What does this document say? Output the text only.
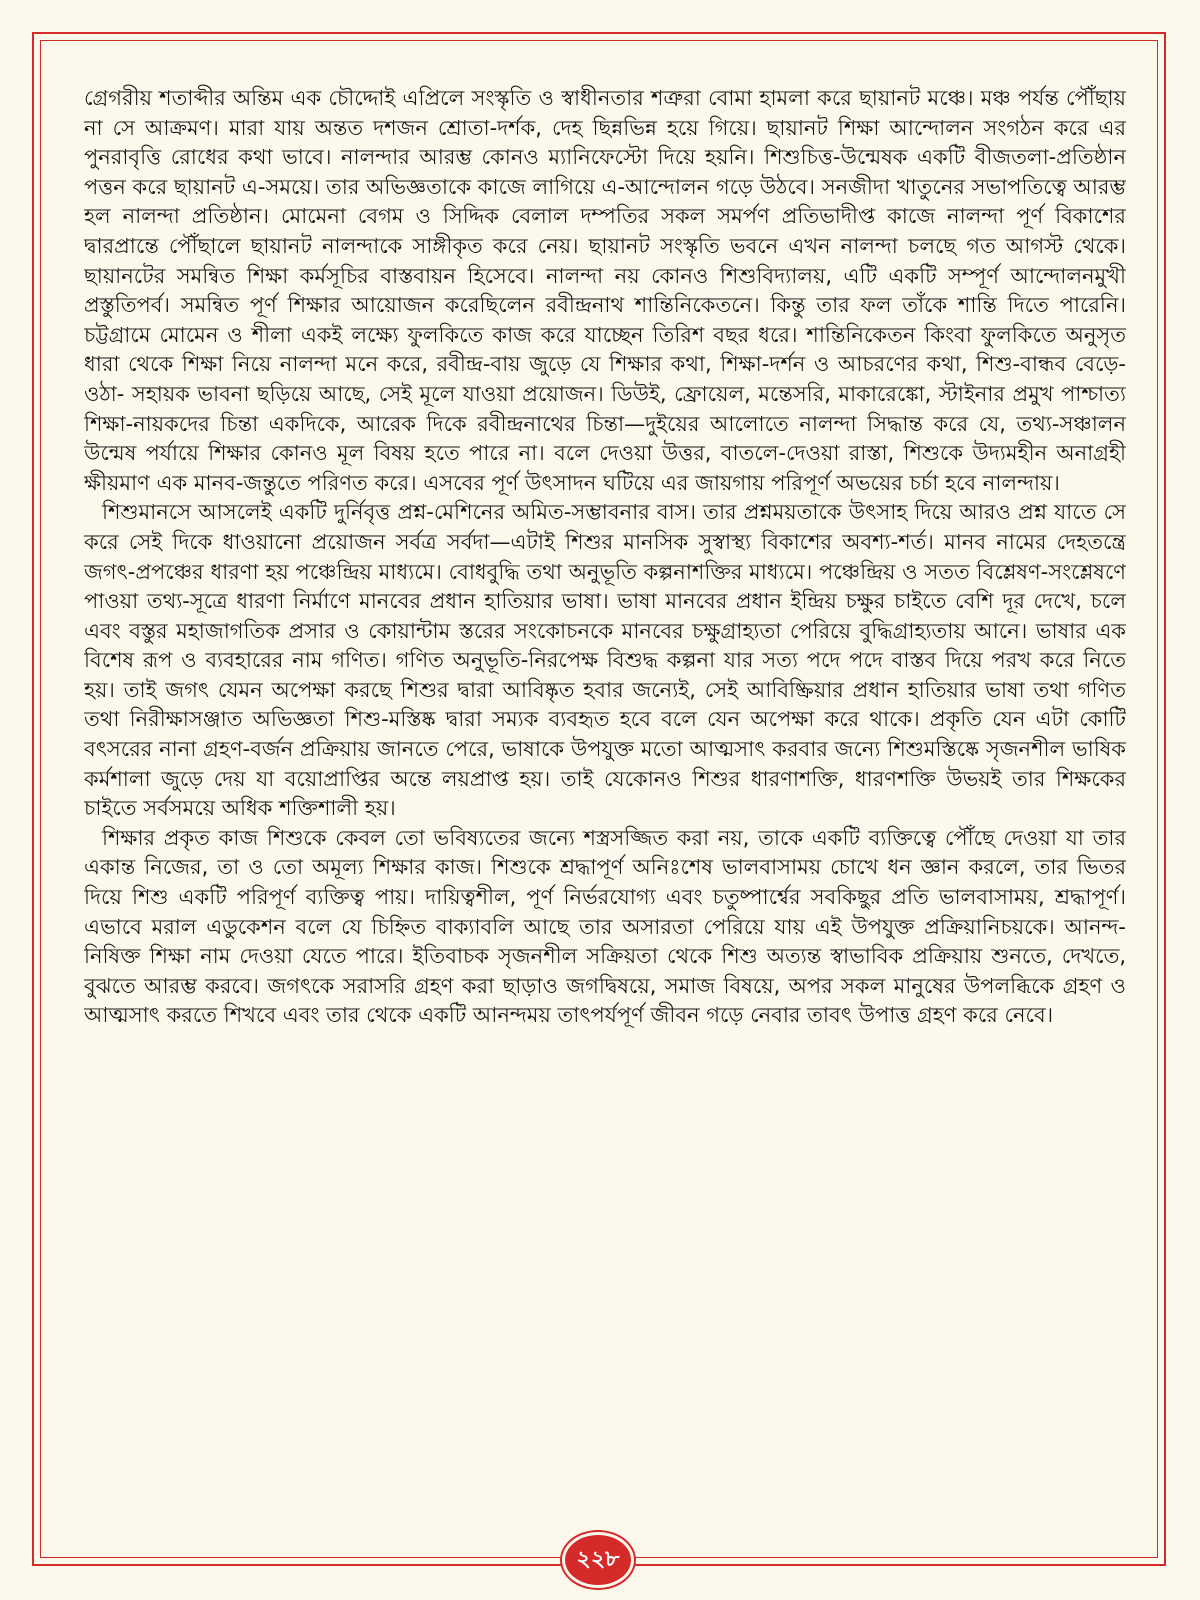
গ্রেগরীয় শতাব্দীর অন্তিম এক চৌদ্দোই এপ্রিলে সংস্কৃতি ও স্বাধীনতার শত্রুরা বোমা হামলা করে ছায়ানট মঞ্চে। মঞ্চ পর্যন্ত পৌঁছায় না সে আক্রমণ। মারা যায় অন্তত দশজন শ্রোতা-দর্শক, দেহ ছিন্নভিন্ন হয়ে গিয়ে। ছায়ানট শিক্ষা আন্দোলন সংগঠন করে এর পুনরাবৃত্তি রোধের কথা ভাবে। নালন্দার আরম্ভ কোনও ম্যানিফেস্টো দিয়ে হয়নি। শিশুচিত্ত-উন্মেষক একটি বীজতলা-প্রতিষ্ঠান পত্তন করে ছায়ানট এ-সময়ে। তার অভিজ্ঞতাকে কাজে লাগিয়ে এ-আন্দোলন গড়ে উঠবে। সনজীদা খাতুনের সভাপতিত্বে আরম্ভ হল নালন্দা প্রতিষ্ঠান। মোমেনা বেগম ও সিদ্দিক বেলাল দম্পতির সকল সমর্পণ প্রতিভাদীপ্ত কাজে নালন্দা পূর্ণ বিকাশের দ্বারপ্রান্তে পৌঁছালে ছায়ানট নালন্দাকে সাঙ্গীকৃত করে নেয়। ছায়ানট সংস্কৃতি ভবনে এখন নালন্দা চলছে গত আগস্ট থেকে। ছায়ানটের সমন্বিত শিক্ষা কর্মসূচির বাস্তবায়ন হিসেবে। নালন্দা নয় কোনও শিশুবিদ্যালয়, এটি একটি সম্পূর্ণ আন্দোলনমুখী প্রস্তুতিপর্ব। সমন্বিত পূর্ণ শিক্ষার আয়োজন করেছিলেন রবীন্দ্রনাথ শান্তিনিকেতনে। কিন্তু তার ফল তাঁকে শান্তি দিতে পারেনি। চট্টগ্রামে মোমেন ও শীলা একই লক্ষ্যে ফুলকিতে কাজ করে যাচ্ছেন তিরিশ বছর ধরে। শান্তিনিকেতন কিংবা ফুলকিতে অনুসৃত ধারা থেকে শিক্ষা নিয়ে নালন্দা মনে করে, রবীন্দ্র-বায় জুড়ে যে শিক্ষার কথা, শিক্ষা-দর্শন ও আচরণের কথা, শিশু-বান্ধব বেড়ে-ওঠা- সহায়ক ভাবনা ছড়িয়ে আছে, সেই মূলে যাওয়া প্রয়োজন। ডিউই, ফ্রোয়েল, মন্তেসরি, মাকারেঙ্কো, স্টাইনার প্রমুখ পাশ্চাত্য শিক্ষা-নায়কদের চিন্তা একদিকে, আরেক দিকে রবীন্দ্রনাথের চিন্তা—দুইয়ের আলোতে নালন্দা সিদ্ধান্ত করে যে, তথ্য-সঞ্চালন উন্মেষ পর্যায়ে শিক্ষার কোনও মূল বিষয় হতে পারে না। বলে দেওয়া উত্তর, বাতলে-দেওয়া রাস্তা, শিশুকে উদ্যমহীন অনাগ্রহী ক্ষীয়মাণ এক মানব-জন্তুতে পরিণত করে। এসবের পূর্ণ উৎসাদন ঘটিয়ে এর জায়গায় পরিপূর্ণ অভয়ের চর্চা হবে নালন্দায়।

শিশুমানসে আসলেই একটি দুর্নিবৃত্ত প্রশ্ন-মেশিনের অমিত-সম্ভাবনার বাস। তার প্রশ্নময়তাকে উৎসাহ দিয়ে আরও প্রশ্ন যাতে সে করে সেই দিকে ধাওয়ানো প্রয়োজন সর্বত্র সর্বদা—এটাই শিশুর মানসিক সুস্বাস্থ্য বিকাশের অবশ্য-শর্ত। মানব নামের দেহতন্ত্রে জগৎ-প্রপঞ্চের ধারণা হয় পঞ্চেন্দ্রিয় মাধ্যমে। বোধবুদ্ধি তথা অনুভূতি কল্পনাশক্তির মাধ্যমে। পঞ্চেন্দ্রিয় ও সতত বিশ্লেষণ-সংশ্লেষণে পাওয়া তথ্য-সূত্রে ধারণা নির্মাণে মানবের প্রধান হাতিয়ার ভাষা। ভাষা মানবের প্রধান ইন্দ্রিয় চক্ষুর চাইতে বেশি দূর দেখে, চলে এবং বস্তুর মহাজাগতিক প্রসার ও কোয়ান্টাম স্তরের সংকোচনকে মানবের চক্ষুগ্রাহ্যতা পেরিয়ে বুদ্ধিগ্রাহ্যতায় আনে। ভাষার এক বিশেষ রূপ ও ব্যবহারের নাম গণিত। গণিত অনুভূতি-নিরপেক্ষ বিশুদ্ধ কল্পনা যার সত্য পদে পদে বাস্তব দিয়ে পরখ করে নিতে হয়। তাই জগৎ যেমন অপেক্ষা করছে শিশুর দ্বারা আবিষ্কৃত হবার জন্যেই, সেই আবিষ্ক্রিয়ার প্রধান হাতিয়ার ভাষা তথা গণিত তথা নিরীক্ষাসঞ্জাত অভিজ্ঞতা শিশু-মস্তিষ্ক দ্বারা সম্যক ব্যবহৃত হবে বলে যেন অপেক্ষা করে থাকে। প্রকৃতি যেন এটা কোটি বৎসরের নানা গ্রহণ-বর্জন প্রক্রিয়ায় জানতে পেরে, ভাষাকে উপযুক্ত মতো আত্মসাৎ করবার জন্যে শিশুমস্তিষ্কে সৃজনশীল ভাষিক কর্মশালা জুড়ে দেয় যা বয়োপ্রাপ্তির অন্তে লয়প্রাপ্ত হয়। তাই যেকোনও শিশুর ধারণাশক্তি, ধারণশক্তি উভয়ই তার শিক্ষকের চাইতে সর্বসময়ে অধিক শক্তিশালী হয়।

শিক্ষার প্রকৃত কাজ শিশুকে কেবল তো ভবিষ্যতের জন্যে শস্ত্রসজ্জিত করা নয়, তাকে একটি ব্যক্তিত্বে পৌঁছে দেওয়া যা তার একান্ত নিজের, তা ও তো অমূল্য শিক্ষার কাজ। শিশুকে শ্রদ্ধাপূর্ণ অনিঃশেষ ভালবাসাময় চোখে ধন জ্ঞান করলে, তার ভিতর দিয়ে শিশু একটি পরিপূর্ণ ব্যক্তিত্ব পায়। দায়িত্বশীল, পূর্ণ নির্ভরযোগ্য এবং চতুষ্পার্শ্বের সবকিছুর প্রতি ভালবাসাময়, শ্রদ্ধাপূর্ণ। এভাবে মরাল এডুকেশন বলে যে চিহ্নিত বাক্যাবলি আছে তার অসারতা পেরিয়ে যায় এই উপযুক্ত প্রক্রিয়ানিচয়কে। আনন্দ-নিষিক্ত শিক্ষা নাম দেওয়া যেতে পারে। ইতিবাচক সৃজনশীল সক্রিয়তা থেকে শিশু অত্যন্ত স্বাভাবিক প্রক্রিয়ায় শুনতে, দেখতে, বুঝতে আরম্ভ করবে। জগৎকে সরাসরি গ্রহণ করা ছাড়াও জগদ্বিষয়ে, সমাজ বিষয়ে, অপর সকল মানুষের উপলব্ধিকে গ্রহণ ও আত্মসাৎ করতে শিখবে এবং তার থেকে একটি আনন্দময় তাৎপর্যপূর্ণ জীবন গড়ে নেবার তাবৎ উপাত্ত গ্রহণ করে নেবে।

২২৮
